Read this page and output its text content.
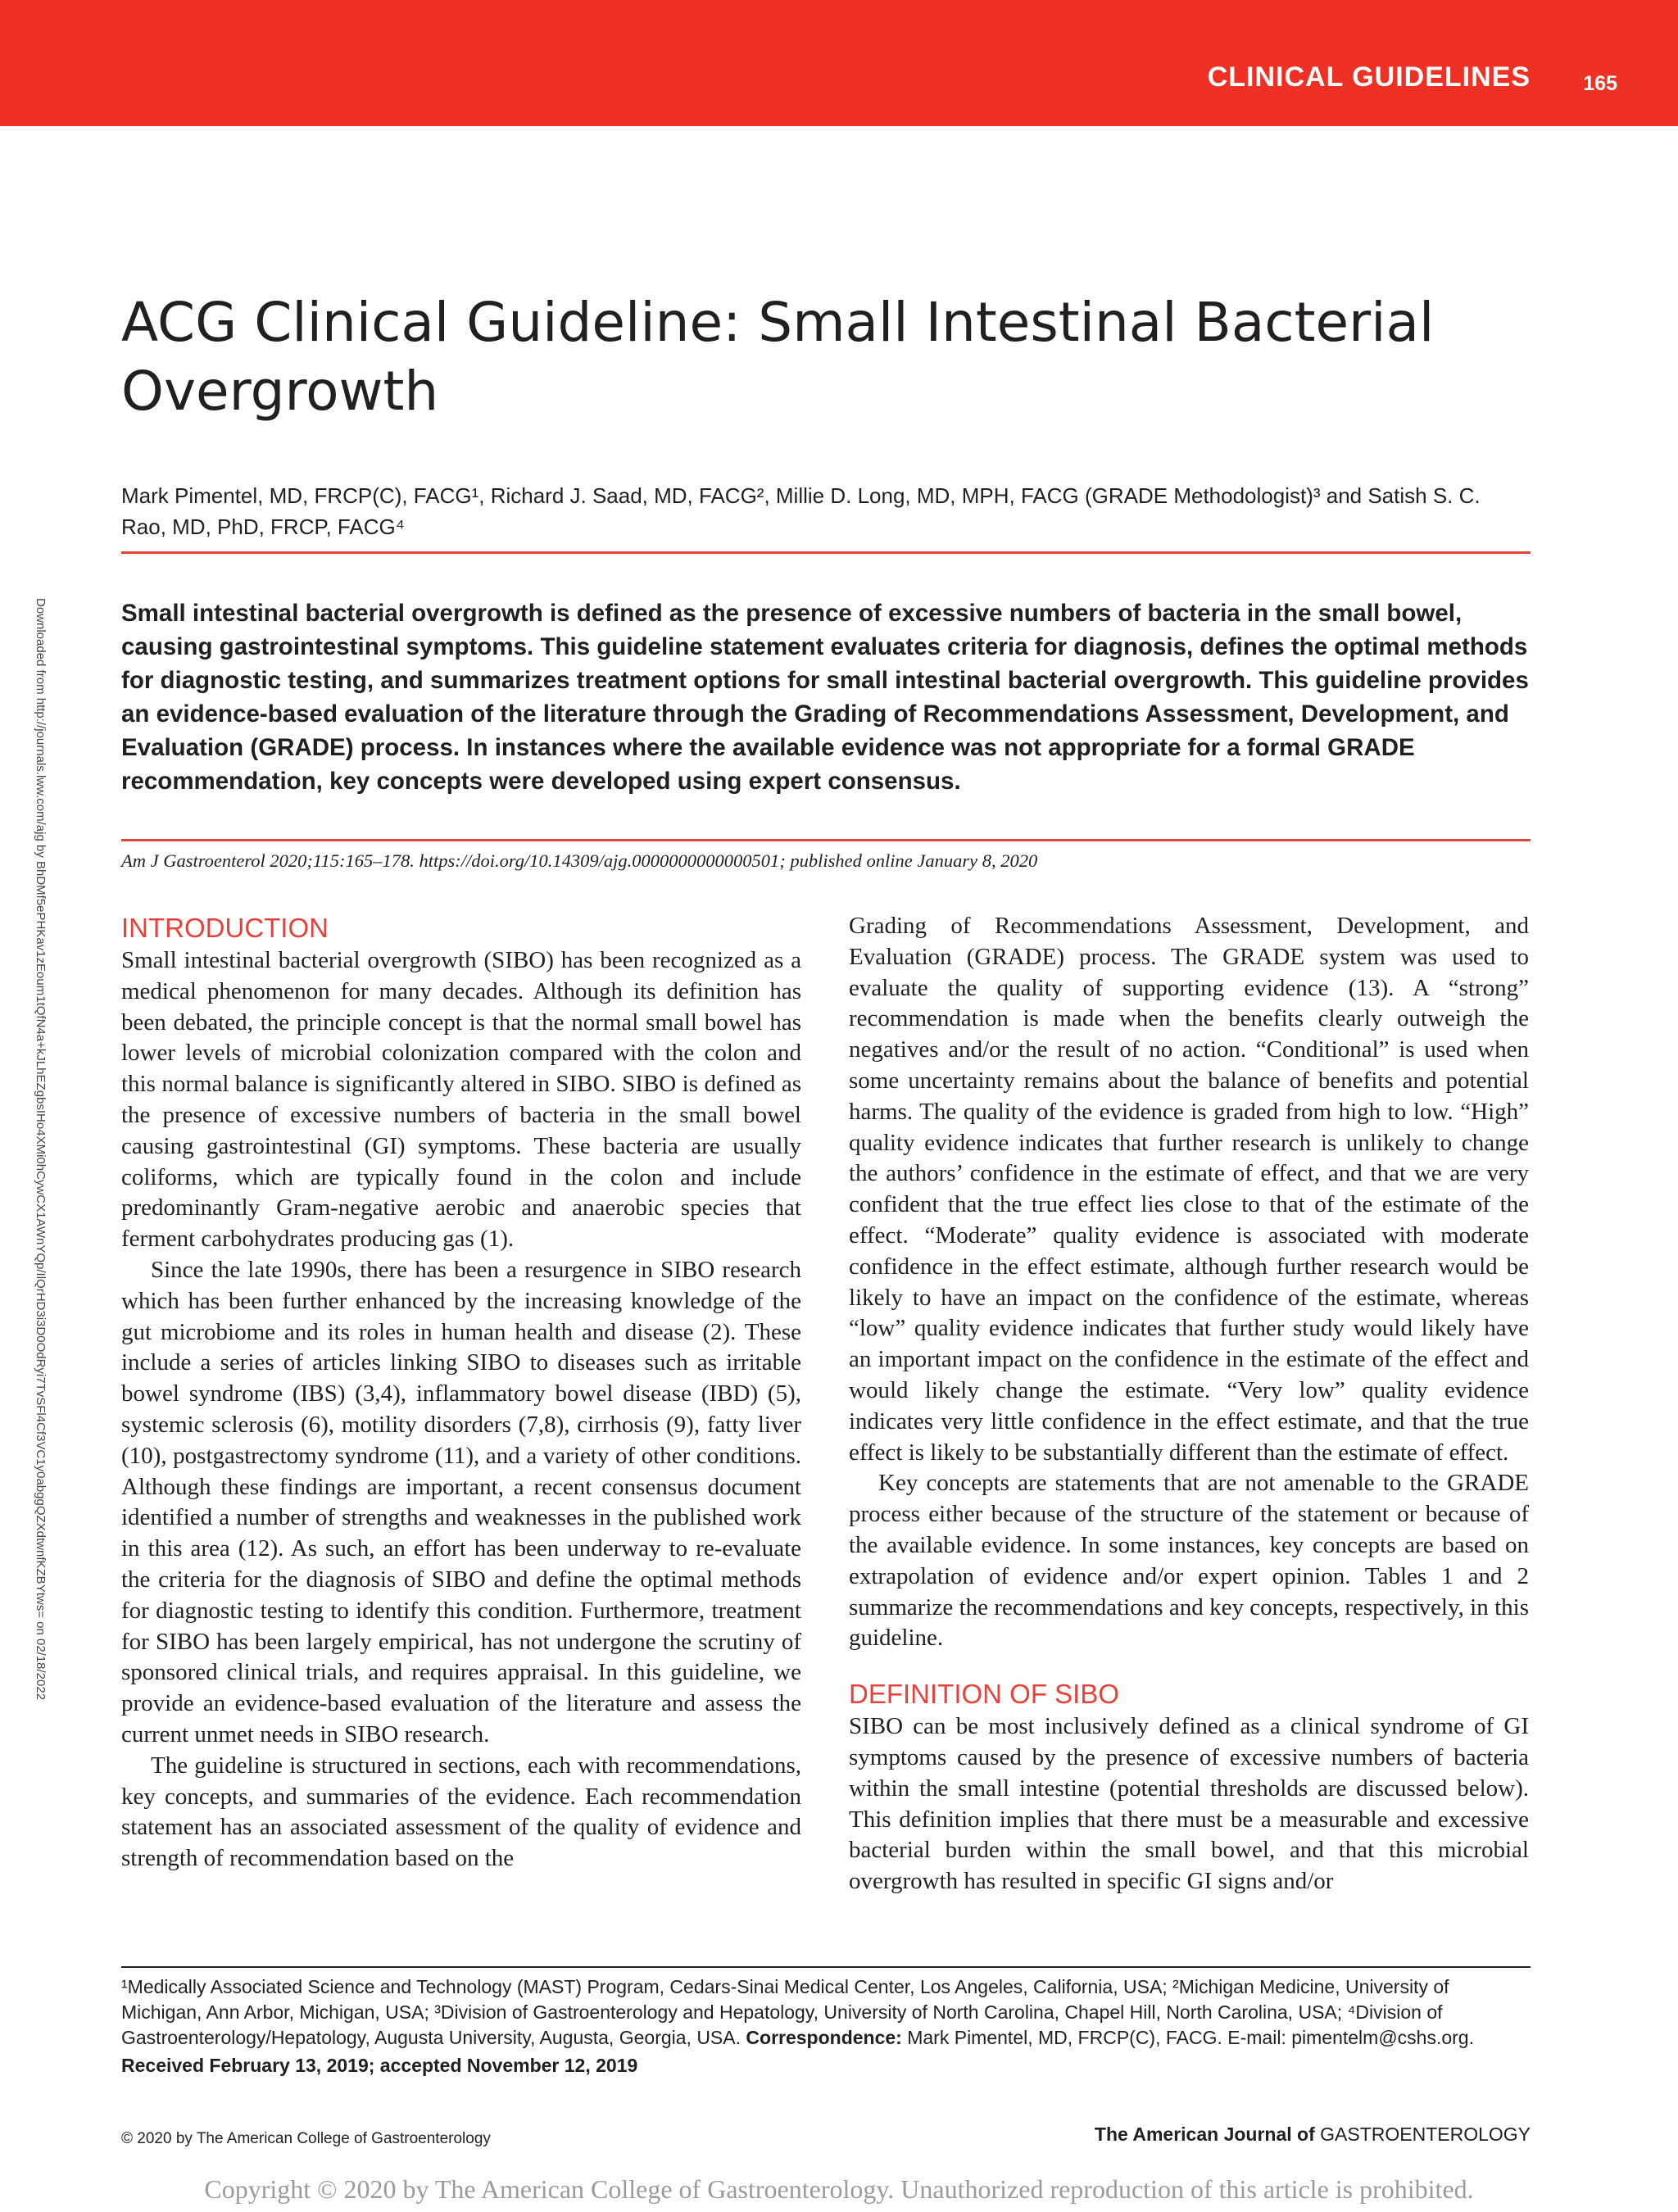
CLINICAL GUIDELINES	165
Downloaded from http://journals.lww.com/ajg by BhDMf5ePHKav1zEoum1tQfN4a+kJLhEZgbsIHo4XMi0hCywCX1AWnYQp/IlQrHD3i3D0OdRyi7TvSFl4Cf3VC1y0abggQZXdtwnfKZBYtws= on 02/18/2022
ACG Clinical Guideline: Small Intestinal Bacterial Overgrowth
Mark Pimentel, MD, FRCP(C), FACG¹, Richard J. Saad, MD, FACG², Millie D. Long, MD, MPH, FACG (GRADE Methodologist)³ and Satish S. C. Rao, MD, PhD, FRCP, FACG⁴

Small intestinal bacterial overgrowth is defined as the presence of excessive numbers of bacteria in the small bowel, causing gastrointestinal symptoms. This guideline statement evaluates criteria for diagnosis, defines the optimal methods for diagnostic testing, and summarizes treatment options for small intestinal bacterial overgrowth. This guideline provides an evidence-based evaluation of the literature through the Grading of Recommendations Assessment, Development, and Evaluation (GRADE) process. In instances where the available evidence was not appropriate for a formal GRADE recommendation, key concepts were developed using expert consensus.

Am J Gastroenterol 2020;115:165–178. https://doi.org/10.14309/ajg.0000000000000501; published online January 8, 2020
INTRODUCTION

Small intestinal bacterial overgrowth (SIBO) has been recognized as a medical phenomenon for many decades. Although its definition has been debated, the principle concept is that the normal small bowel has lower levels of microbial colonization compared with the colon and this normal balance is significantly altered in SIBO. SIBO is defined as the presence of excessive numbers of bacteria in the small bowel causing gastrointestinal (GI) symptoms. These bacteria are usually coliforms, which are typically found in the colon and include predominantly Gram-negative aerobic and anaerobic species that ferment carbohydrates producing gas (1).

Since the late 1990s, there has been a resurgence in SIBO research which has been further enhanced by the increasing knowledge of the gut microbiome and its roles in human health and disease (2). These include a series of articles linking SIBO to diseases such as irritable bowel syndrome (IBS) (3,4), inflammatory bowel disease (IBD) (5), systemic sclerosis (6), motility disorders (7,8), cirrhosis (9), fatty liver (10), postgastrectomy syndrome (11), and a variety of other conditions. Although these findings are important, a recent consensus document identified a number of strengths and weaknesses in the published work in this area (12). As such, an effort has been underway to re-evaluate the criteria for the diagnosis of SIBO and define the optimal methods for diagnostic testing to identify this condition. Furthermore, treatment for SIBO has been largely empirical, has not undergone the scrutiny of sponsored clinical trials, and requires appraisal. In this guideline, we provide an evidence-based evaluation of the literature and assess the current unmet needs in SIBO research.

The guideline is structured in sections, each with recommendations, key concepts, and summaries of the evidence. Each recommendation statement has an associated assessment of the quality of evidence and strength of recommendation based on the

Grading of Recommendations Assessment, Development, and Evaluation (GRADE) process. The GRADE system was used to evaluate the quality of supporting evidence (13). A “strong” recommendation is made when the benefits clearly outweigh the negatives and/or the result of no action. “Conditional” is used when some uncertainty remains about the balance of benefits and potential harms. The quality of the evidence is graded from high to low. “High” quality evidence indicates that further research is unlikely to change the authors’ confidence in the estimate of effect, and that we are very confident that the true effect lies close to that of the estimate of the effect. “Moderate” quality evidence is associated with moderate confidence in the effect estimate, although further research would be likely to have an impact on the confidence of the estimate, whereas “low” quality evidence indicates that further study would likely have an important impact on the confidence in the estimate of the effect and would likely change the estimate. “Very low” quality evidence indicates very little confidence in the effect estimate, and that the true effect is likely to be substantially different than the estimate of effect.

Key concepts are statements that are not amenable to the GRADE process either because of the structure of the statement or because of the available evidence. In some instances, key concepts are based on extrapolation of evidence and/or expert opinion. Tables 1 and 2 summarize the recommendations and key concepts, respectively, in this guideline.

DEFINITION OF SIBO

SIBO can be most inclusively defined as a clinical syndrome of GI symptoms caused by the presence of excessive numbers of bacteria within the small intestine (potential thresholds are discussed below). This definition implies that there must be a measurable and excessive bacterial burden within the small bowel, and that this microbial overgrowth has resulted in specific GI signs and/or

¹Medically Associated Science and Technology (MAST) Program, Cedars-Sinai Medical Center, Los Angeles, California, USA; ²Michigan Medicine, University of Michigan, Ann Arbor, Michigan, USA; ³Division of Gastroenterology and Hepatology, University of North Carolina, Chapel Hill, North Carolina, USA; ⁴Division of Gastroenterology/Hepatology, Augusta University, Augusta, Georgia, USA. Correspondence: Mark Pimentel, MD, FRCP(C), FACG. E-mail: pimentelm@cshs.org.

Received February 13, 2019; accepted November 12, 2019
© 2020 by The American College of Gastroenterology	The American Journal of GASTROENTEROLOGY
Copyright © 2020 by The American College of Gastroenterology. Unauthorized reproduction of this article is prohibited.
